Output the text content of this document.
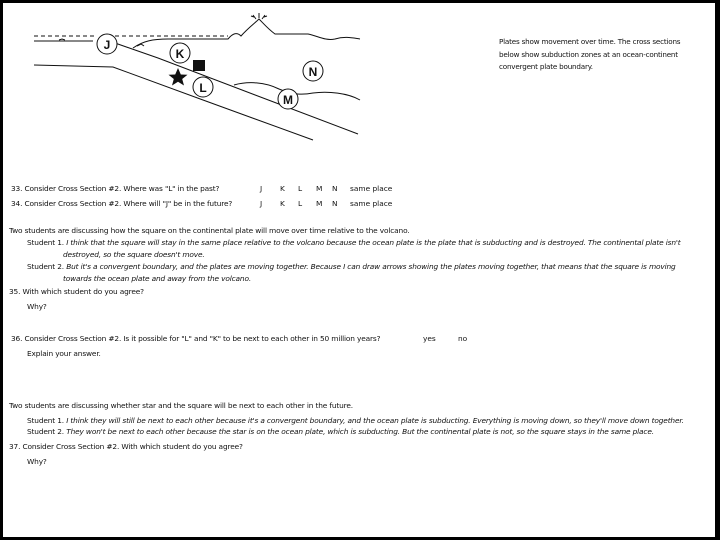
J
K
L
M
N
Plates show movement over time. The cross sections below show subduction zones at an ocean-continent convergent plate boundary.
33. Consider Cross Section #2. Where was "L" in the past?	J K L M N same place
34. Consider Cross Section #2. Where will "J" be in the future?	J K L M N same place
Two students are discussing how the square on the continental plate will move over time relative to the volcano.
Student 1. I think that the square will stay in the same place relative to the volcano because the ocean plate is the plate that is subducting and is destroyed. The continental plate isn't
destroyed, so the square doesn't move.
Student 2. But it's a convergent boundary, and the plates are moving together. Because I can draw arrows showing the plates moving together, that means that the square is moving
towards the ocean plate and away from the volcano.
35. With which student do you agree?
Why?
36. Consider Cross Section #2. Is it possible for "L" and "K" to be next to each other in 50 million years?	yes	no
Explain your answer.
Two students are discussing whether star and the square will be next to each other in the future.
Student 1. I think they will still be next to each other because it's a convergent boundary, and the ocean plate is subducting. Everything is moving down, so they'll move down together.
Student 2. They won't be next to each other because the star is on the ocean plate, which is subducting. But the continental plate is not, so the square stays in the same place.
37. Consider Cross Section #2. With which student do you agree?
Why?
